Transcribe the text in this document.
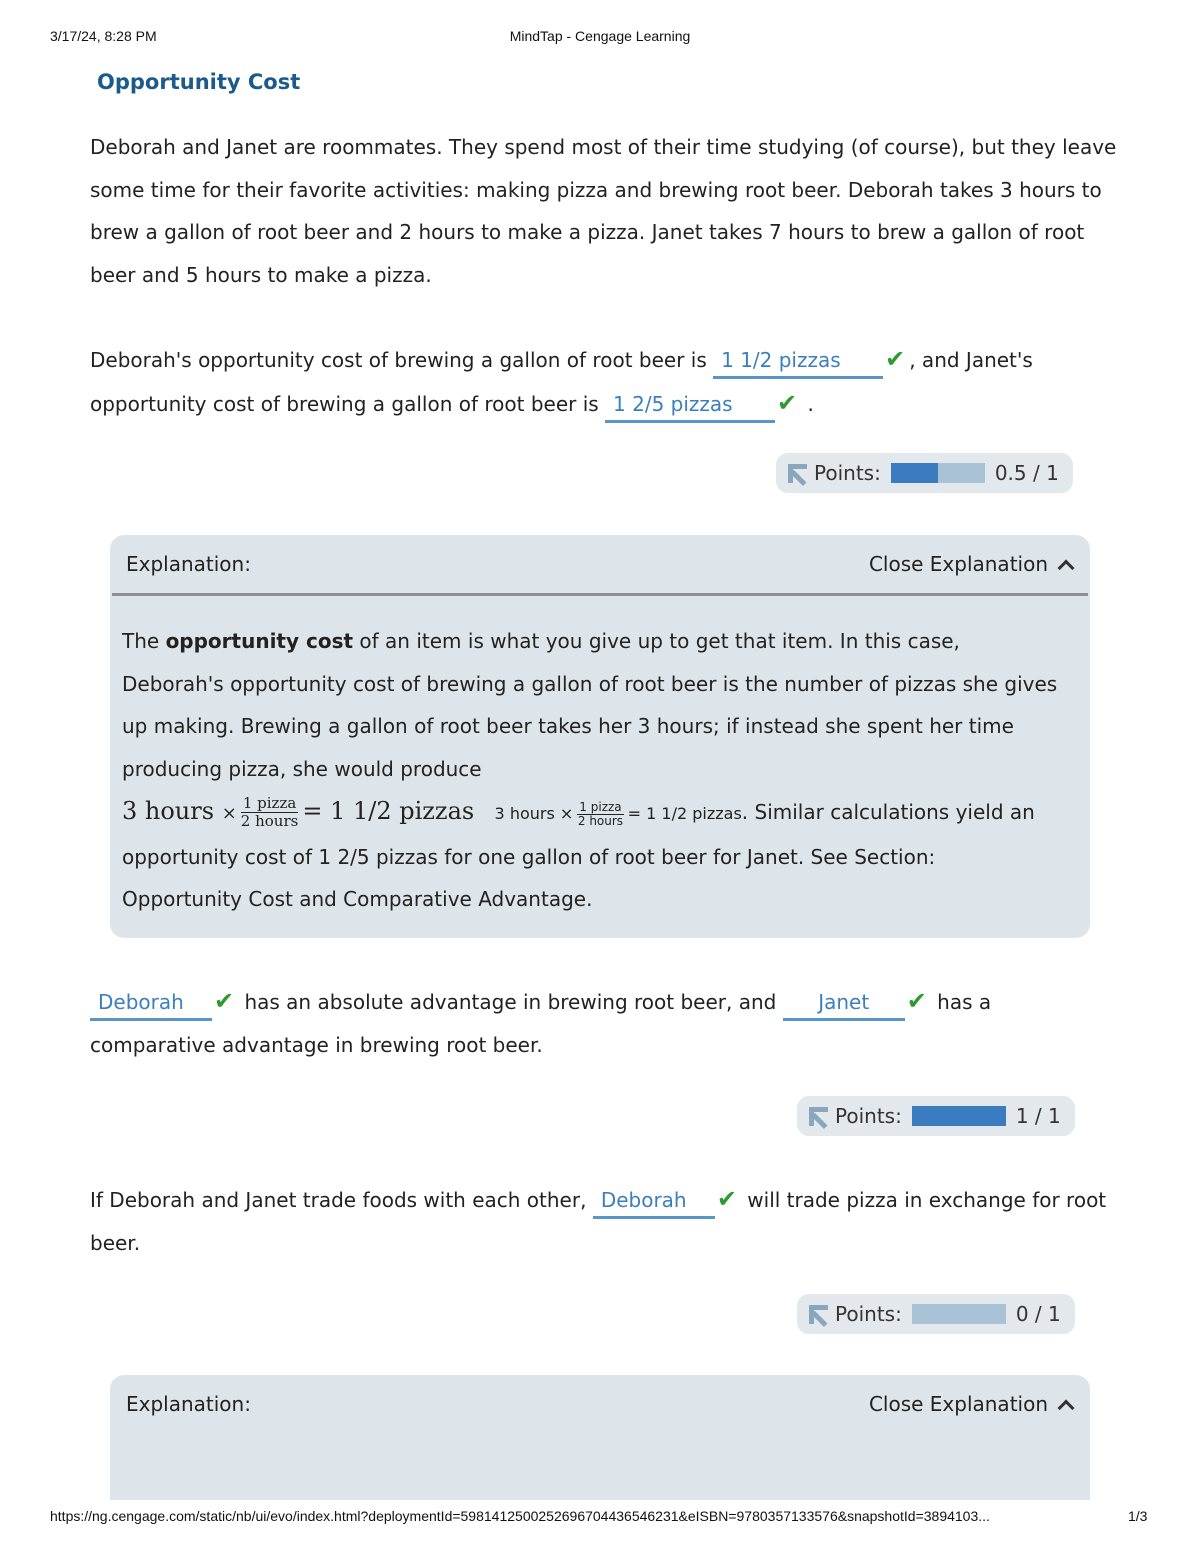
3/17/24, 8:28 PM	MindTap - Cengage Learning
Opportunity Cost
Deborah and Janet are roommates. They spend most of their time studying (of course), but they leave some time for their favorite activities: making pizza and brewing root beer. Deborah takes 3 hours to brew a gallon of root beer and 2 hours to make a pizza. Janet takes 7 hours to brew a gallon of root beer and 5 hours to make a pizza.
Deborah's opportunity cost of brewing a gallon of root beer is 1 1/2 pizzas ✔ , and Janet's opportunity cost of brewing a gallon of root beer is 1 2/5 pizzas ✔ .
Points:	0.5 / 1
Explanation:	Close Explanation
The opportunity cost of an item is what you give up to get that item. In this case, Deborah's opportunity cost of brewing a gallon of root beer is the number of pizzas she gives up making. Brewing a gallon of root beer takes her 3 hours; if instead she spent her time producing pizza, she would produce
3 hours × $\frac{\text{1 pizza}}{\text{2 hours}} = 1$ 1/2 pizzas 3 hours × $\frac{\text{1 pizza}}{\text{2 hours}} = 1$ 1/2 pizzas. Similar calculations yield an opportunity cost of 1 2/5 pizzas for one gallon of root beer for Janet. See Section: Opportunity Cost and Comparative Advantage.
Deborah ✔ has an absolute advantage in brewing root beer, and Janet ✔ has a comparative advantage in brewing root beer.
Points:	1 / 1
If Deborah and Janet trade foods with each other, Deborah ✔ will trade pizza in exchange for root beer.
Points:	0 / 1
Explanation:	Close Explanation
https://ng.cengage.com/static/nb/ui/evo/index.html?deploymentId=5981412500252696704436546231&eISBN=9780357133576&snapshotId=3894103...	1/3
